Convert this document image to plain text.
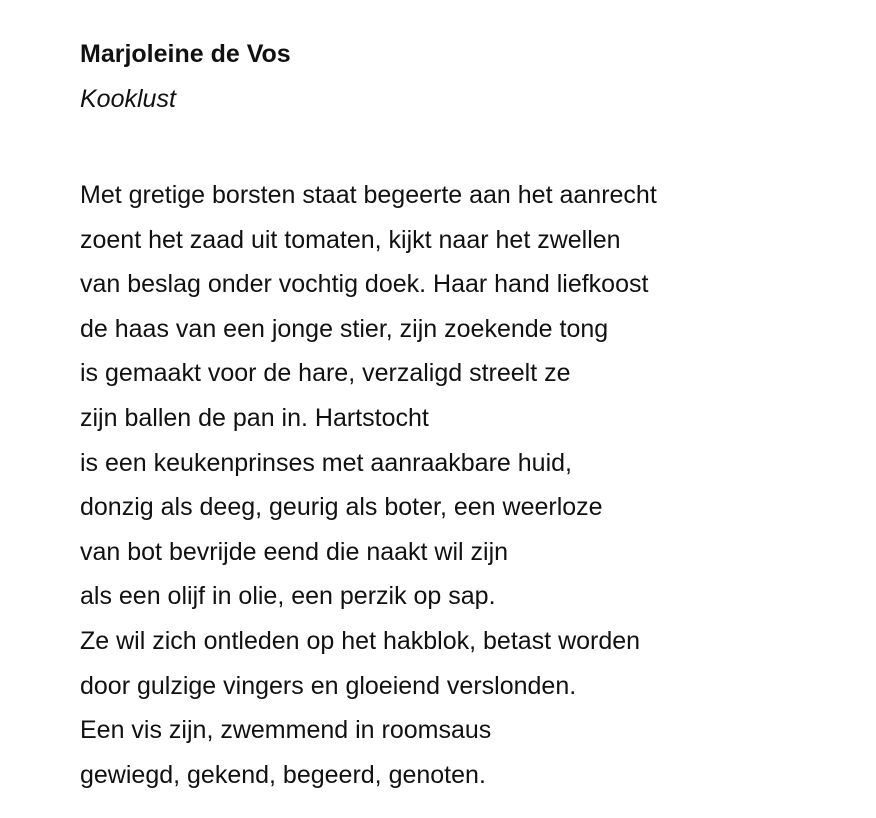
Marjoleine de Vos
Kooklust
Met gretige borsten staat begeerte aan het aanrecht
zoent het zaad uit tomaten, kijkt naar het zwellen
van beslag onder vochtig doek. Haar hand liefkoost
de haas van een jonge stier, zijn zoekende tong
is gemaakt voor de hare, verzaligd streelt ze
zijn ballen de pan in. Hartstocht
is een keukenprinses met aanraakbare huid,
donzig als deeg, geurig als boter, een weerloze
van bot bevrijde eend die naakt wil zijn
als een olijf in olie, een perzik op sap.
Ze wil zich ontleden op het hakblok, betast worden
door gulzige vingers en gloeiend verslonden.
Een vis zijn, zwemmend in roomsaus
gewiegd, gekend, begeerd, genoten.
